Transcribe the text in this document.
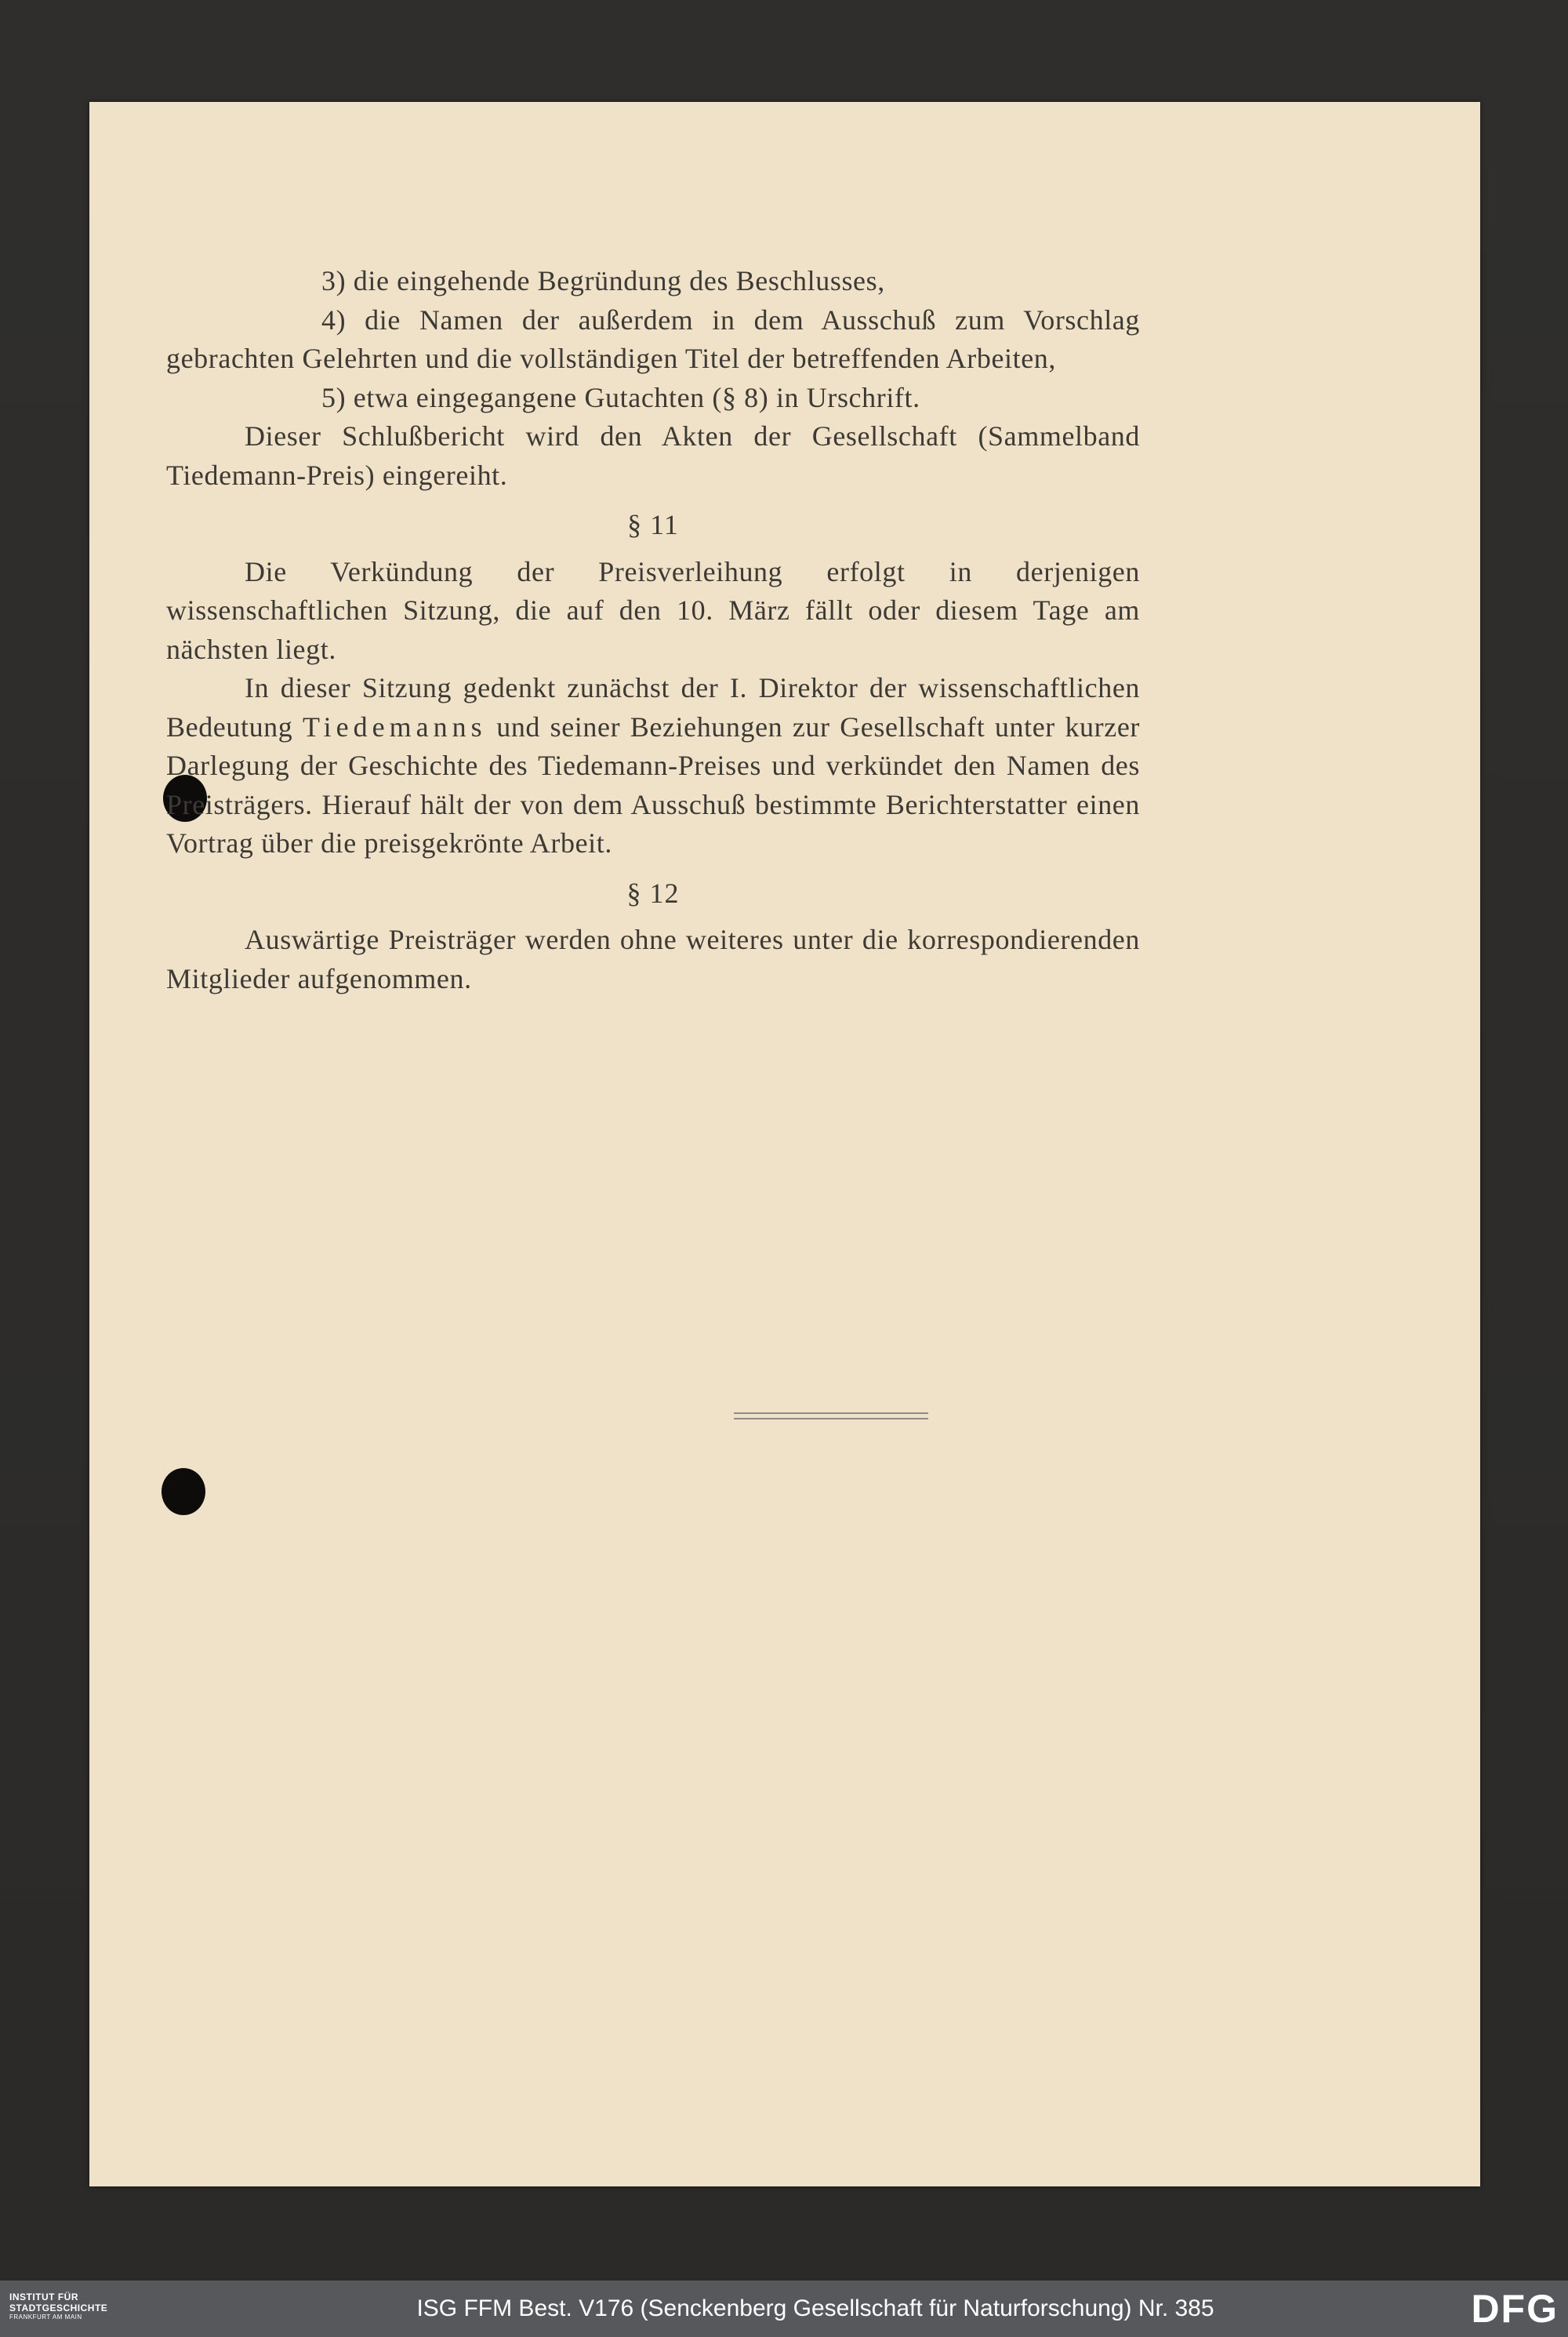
3) die eingehende Begründung des Beschlusses,

4) die Namen der außerdem in dem Ausschuß zum Vorschlag gebrachten Gelehrten und die vollständigen Titel der betreffenden Arbeiten,

5) etwa eingegangene Gutachten (§ 8) in Urschrift.

Dieser Schlußbericht wird den Akten der Gesellschaft (Sammelband Tiedemann-Preis) eingereiht.

§ 11

Die Verkündung der Preisverleihung erfolgt in derjenigen wissenschaftlichen Sitzung, die auf den 10. März fällt oder diesem Tage am nächsten liegt.

In dieser Sitzung gedenkt zunächst der I. Direktor der wissenschaftlichen Bedeutung Tiedemanns und seiner Beziehungen zur Gesellschaft unter kurzer Darlegung der Geschichte des Tiedemann-Preises und verkündet den Namen des Preisträgers. Hierauf hält der von dem Ausschuß bestimmte Berichterstatter einen Vortrag über die preisgekrönte Arbeit.

§ 12

Auswärtige Preisträger werden ohne weiteres unter die korrespondierenden Mitglieder aufgenommen.

INSTITUT FÜR
STADTGESCHICHTE
FRANKFURT AM MAIN	ISG FFM Best. V176 (Senckenberg Gesellschaft für Naturforschung) Nr. 385	DFG
